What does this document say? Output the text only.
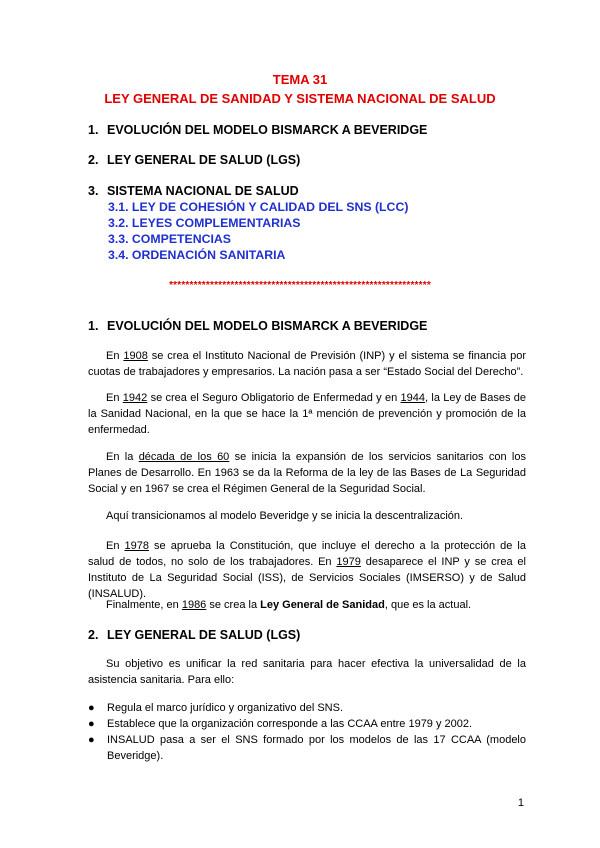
TEMA 31
LEY GENERAL DE SANIDAD Y SISTEMA NACIONAL DE SALUD
1. EVOLUCIÓN DEL MODELO BISMARCK A BEVERIDGE
2. LEY GENERAL DE SALUD (LGS)
3. SISTEMA NACIONAL DE SALUD
3.1. LEY DE COHESIÓN Y CALIDAD DEL SNS (LCC)
3.2. LEYES COMPLEMENTARIAS
3.3. COMPETENCIAS
3.4. ORDENACIÓN SANITARIA
****************************************************************
1. EVOLUCIÓN DEL MODELO BISMARCK A BEVERIDGE
En 1908 se crea el Instituto Nacional de Previsión (INP) y el sistema se financia por cuotas de trabajadores y empresarios. La nación pasa a ser “Estado Social del Derecho”.
En 1942 se crea el Seguro Obligatorio de Enfermedad y en 1944, la Ley de Bases de la Sanidad Nacional, en la que se hace la 1ª mención de prevención y promoción de la enfermedad.
En la década de los 60 se inicia la expansión de los servicios sanitarios con los Planes de Desarrollo. En 1963 se da la Reforma de la ley de las Bases de La Seguridad Social y en 1967 se crea el Régimen General de la Seguridad Social.
Aquí transicionamos al modelo Beveridge y se inicia la descentralización.
En 1978 se aprueba la Constitución, que incluye el derecho a la protección de la salud de todos, no solo de los trabajadores. En 1979 desaparece el INP y se crea el Instituto de La Seguridad Social (ISS), de Servicios Sociales (IMSERSO) y de Salud (INSALUD).
Finalmente, en 1986 se crea la Ley General de Sanidad, que es la actual.
2. LEY GENERAL DE SALUD (LGS)
Su objetivo es unificar la red sanitaria para hacer efectiva la universalidad de la asistencia sanitaria. Para ello:
● Regula el marco jurídico y organizativo del SNS.
● Establece que la organización corresponde a las CCAA entre 1979 y 2002.
● INSALUD pasa a ser el SNS formado por los modelos de las 17 CCAA (modelo Beveridge).
1
